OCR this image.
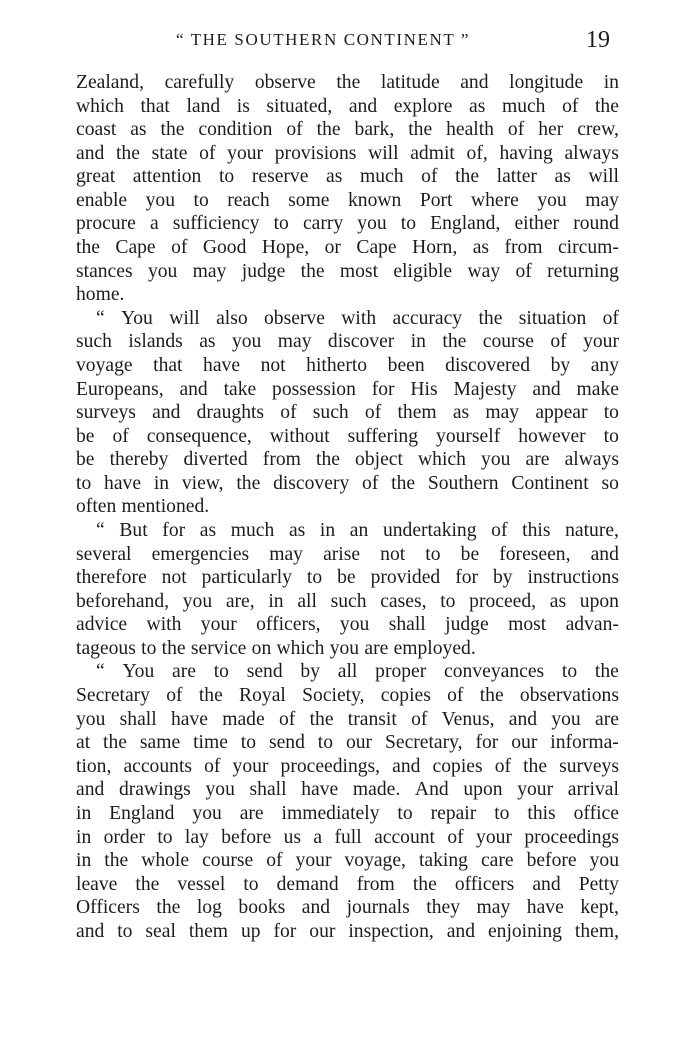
“ THE SOUTHERN CONTINENT ”	19
Zealand, carefully observe the latitude and longitude in
which that land is situated, and explore as much of the
coast as the condition of the bark, the health of her crew,
and the state of your provisions will admit of, having always
great attention to reserve as much of the latter as will
enable you to reach some known Port where you may
procure a sufficiency to carry you to England, either round
the Cape of Good Hope, or Cape Horn, as from circum-
stances you may judge the most eligible way of returning
home.
“ You will also observe with accuracy the situation of
such islands as you may discover in the course of your
voyage that have not hitherto been discovered by any
Europeans, and take possession for His Majesty and make
surveys and draughts of such of them as may appear to
be of consequence, without suffering yourself however to
be thereby diverted from the object which you are always
to have in view, the discovery of the Southern Continent so
often mentioned.
“ But for as much as in an undertaking of this nature,
several emergencies may arise not to be foreseen, and
therefore not particularly to be provided for by instructions
beforehand, you are, in all such cases, to proceed, as upon
advice with your officers, you shall judge most advan-
tageous to the service on which you are employed.
“ You are to send by all proper conveyances to the
Secretary of the Royal Society, copies of the observations
you shall have made of the transit of Venus, and you are
at the same time to send to our Secretary, for our informa-
tion, accounts of your proceedings, and copies of the surveys
and drawings you shall have made. And upon your arrival
in England you are immediately to repair to this office
in order to lay before us a full account of your proceedings
in the whole course of your voyage, taking care before you
leave the vessel to demand from the officers and Petty
Officers the log books and journals they may have kept,
and to seal them up for our inspection, and enjoining them,
